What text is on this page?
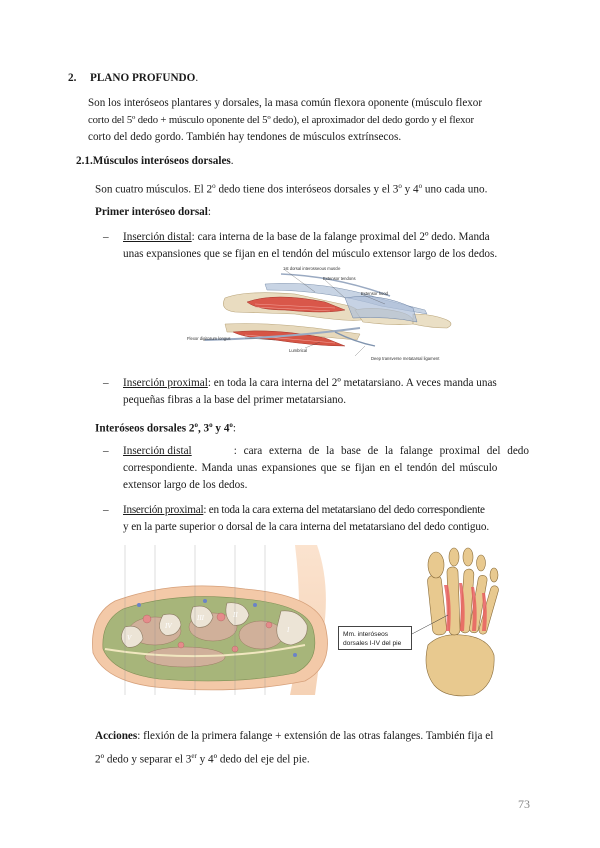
2. PLANO PROFUNDO.
Son los interóseos plantares y dorsales, la masa común flexora oponente (músculo flexor
corto del 5º dedo + músculo oponente del 5º dedo), el aproximador del dedo gordo y el flexor
corto del dedo gordo. También hay tendones de músculos extrínsecos.
2.1.Músculos interóseos dorsales.
Son cuatro músculos. El 2$^o$ dedo tiene dos interóseos dorsales y el 3$^o$ y 4$^o$ uno cada uno.
Primer interóseo dorsal:
– Inserción distal: cara interna de la base de la falange proximal del 2º dedo. Manda
unas expansiones que se fijan en el tendón del músculo extensor largo de los dedos.
1st dorsal interosseous muscle
Extensor tendons
Extensor hood
Flexor digitorum longus
Lumbrical
Deep transverse metatarsal ligament
– Inserción proximal: en toda la cara interna del 2º metatarsiano. A veces manda unas
pequeñas fibras a la base del primer metatarsiano.
Interóseos dorsales 2$^o$, 3$^o$ y 4$^o$:
– Inserción distal	: cara externa de la base de la falange proximal del dedo
correspondiente. Manda unas expansiones que se fijan en el tendón del músculo
extensor largo de los dedos.
– Inserción proximal: en toda la cara externa del metatarsiano del dedo correspondiente
y en la parte superior o dorsal de la cara interna del metatarsiano del dedo contiguo.
I
II
III
IV
V	Mm. interóseos
dorsales I-IV del pie
Acciones: flexión de la primera falange + extensión de las otras falanges. También fija el
2º dedo y separar el 3er y 4º dedo del eje del pie.
73
